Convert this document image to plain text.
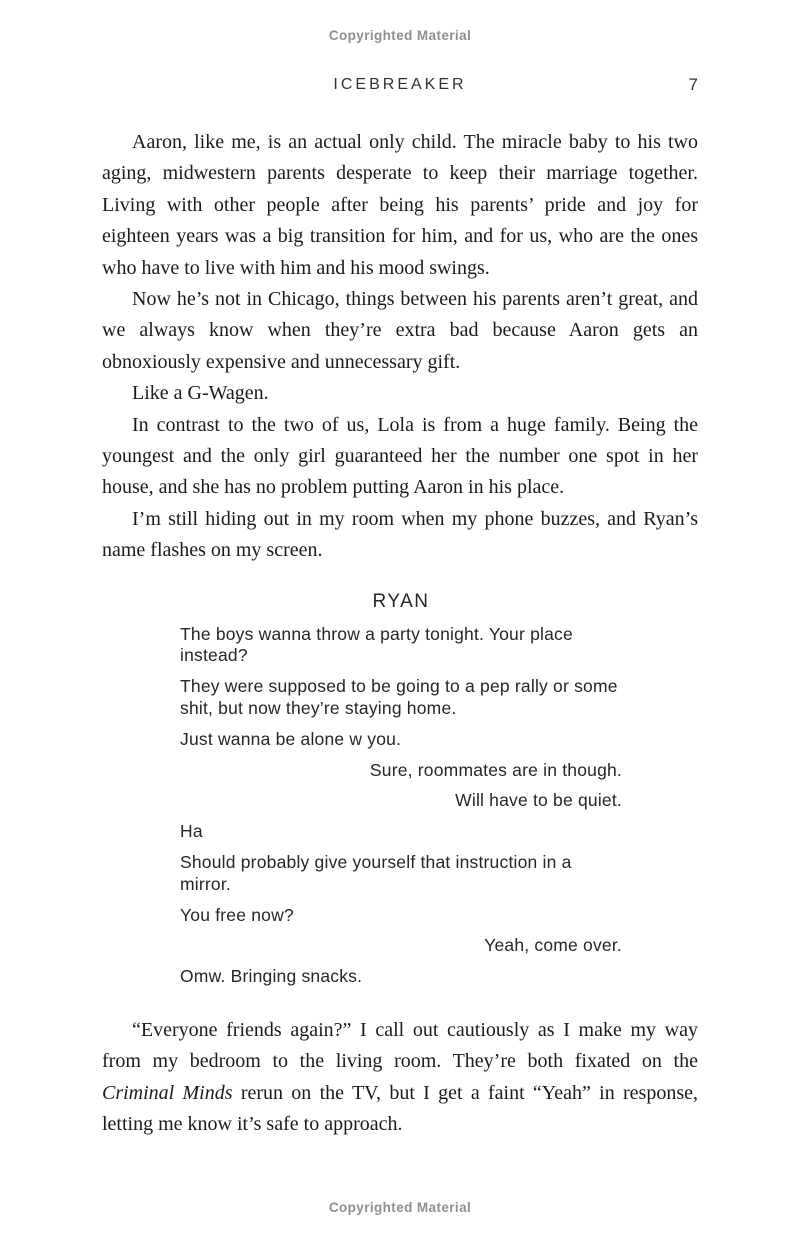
Copyrighted Material
ICEBREAKER	7

Aaron, like me, is an actual only child. The miracle baby to his two aging, midwestern parents desperate to keep their marriage together. Living with other people after being his parents’ pride and joy for eighteen years was a big transition for him, and for us, who are the ones who have to live with him and his mood swings.

Now he’s not in Chicago, things between his parents aren’t great, and we always know when they’re extra bad because Aaron gets an obnoxiously expensive and unnecessary gift.

Like a G-Wagen.

In contrast to the two of us, Lola is from a huge family. Being the youngest and the only girl guaranteed her the number one spot in her house, and she has no problem putting Aaron in his place.

I’m still hiding out in my room when my phone buzzes, and Ryan’s name flashes on my screen.

RYAN
The boys wanna throw a party tonight. Your place instead?
They were supposed to be going to a pep rally or some shit, but now they’re staying home.
Just wanna be alone w you.
Sure, roommates are in though.
Will have to be quiet.
Ha
Should probably give yourself that instruction in a mirror.
You free now?
Yeah, come over.
Omw. Bringing snacks.

“Everyone friends again?” I call out cautiously as I make my way from my bedroom to the living room. They’re both fixated on the Criminal Minds rerun on the TV, but I get a faint “Yeah” in response, letting me know it’s safe to approach.

Copyrighted Material
